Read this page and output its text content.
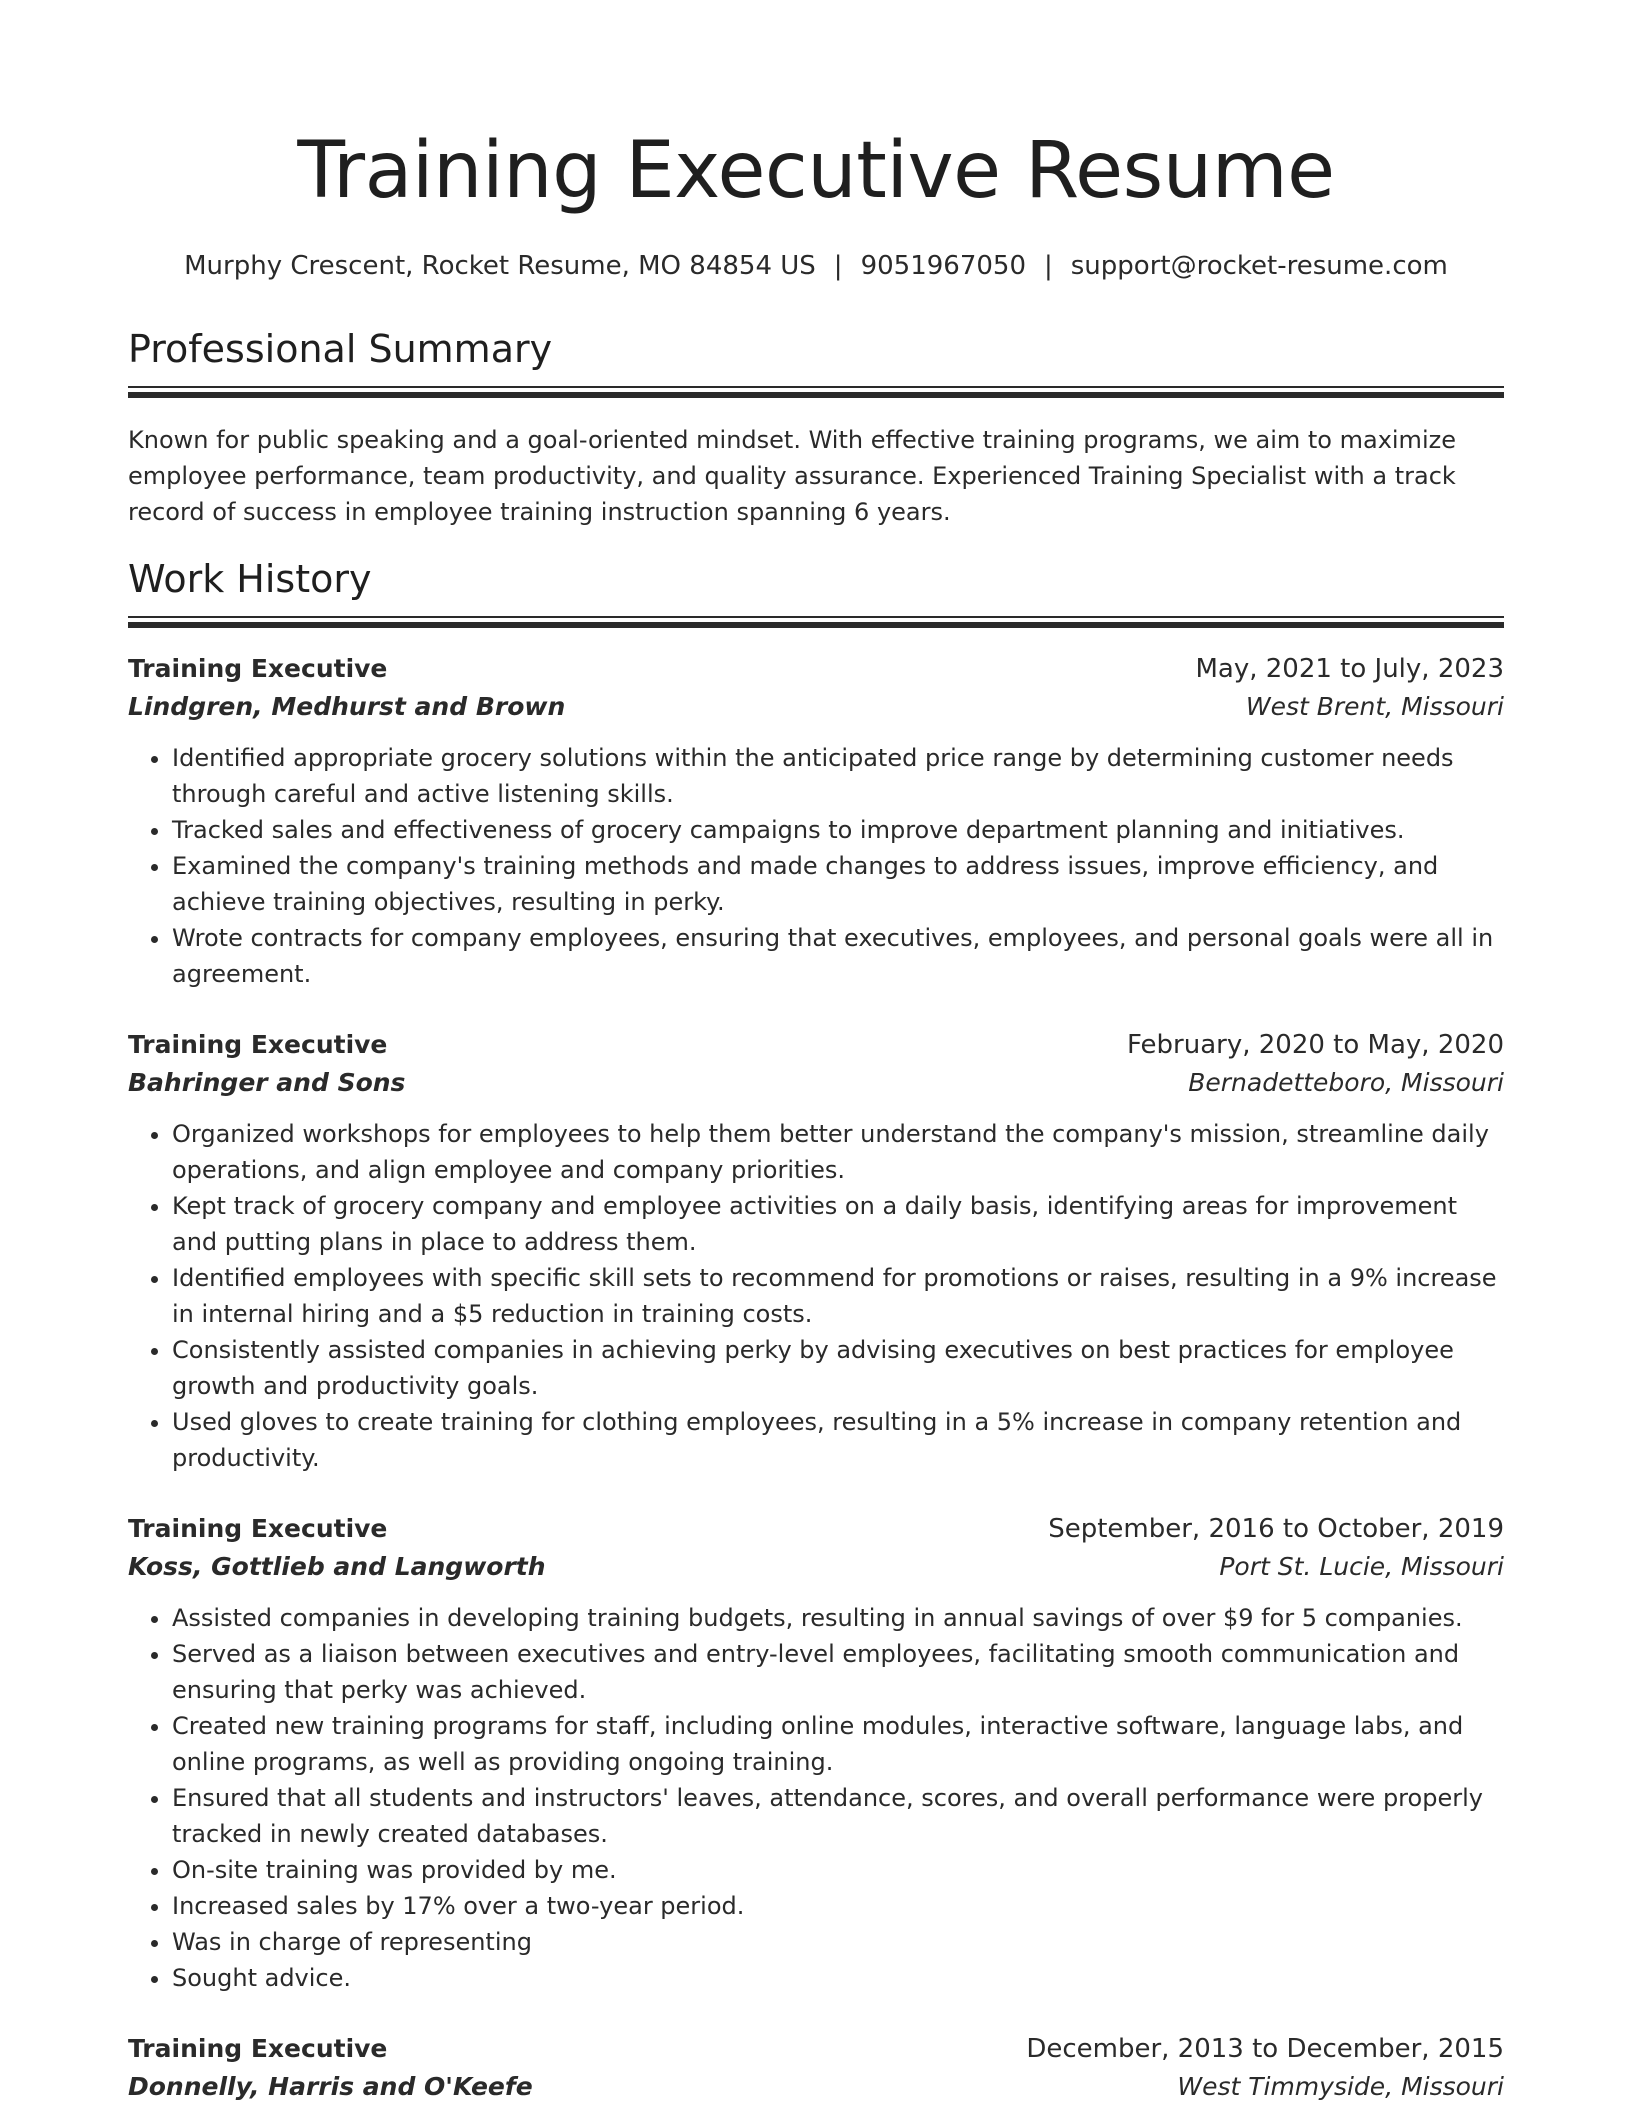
Training Executive Resume
Murphy Crescent, Rocket Resume, MO 84854 US | 9051967050 | support@rocket-resume.com
Professional Summary

Known for public speaking and a goal-oriented mindset. With effective training programs, we aim to maximize employee performance, team productivity, and quality assurance. Experienced Training Specialist with a track record of success in employee training instruction spanning 6 years.

Work History
Training Executive	May, 2021 to July, 2023
Lindgren, Medhurst and Brown	West Brent, Missouri
• Identified appropriate grocery solutions within the anticipated price range by determining customer needs through careful and active listening skills.
• Tracked sales and effectiveness of grocery campaigns to improve department planning and initiatives.
• Examined the company's training methods and made changes to address issues, improve efficiency, and achieve training objectives, resulting in perky.
• Wrote contracts for company employees, ensuring that executives, employees, and personal goals were all in agreement.
Training Executive	February, 2020 to May, 2020
Bahringer and Sons	Bernadetteboro, Missouri
• Organized workshops for employees to help them better understand the company's mission, streamline daily operations, and align employee and company priorities.
• Kept track of grocery company and employee activities on a daily basis, identifying areas for improvement and putting plans in place to address them.
• Identified employees with specific skill sets to recommend for promotions or raises, resulting in a 9% increase in internal hiring and a $5 reduction in training costs.
• Consistently assisted companies in achieving perky by advising executives on best practices for employee growth and productivity goals.
• Used gloves to create training for clothing employees, resulting in a 5% increase in company retention and productivity.
Training Executive	September, 2016 to October, 2019
Koss, Gottlieb and Langworth	Port St. Lucie, Missouri
• Assisted companies in developing training budgets, resulting in annual savings of over $9 for 5 companies.
• Served as a liaison between executives and entry-level employees, facilitating smooth communication and ensuring that perky was achieved.
• Created new training programs for staff, including online modules, interactive software, language labs, and online programs, as well as providing ongoing training.
• Ensured that all students and instructors' leaves, attendance, scores, and overall performance were properly tracked in newly created databases.
• On-site training was provided by me.
• Increased sales by 17% over a two-year period.
• Was in charge of representing
• Sought advice.
Training Executive	December, 2013 to December, 2015
Donnelly, Harris and O'Keefe	West Timmyside, Missouri
